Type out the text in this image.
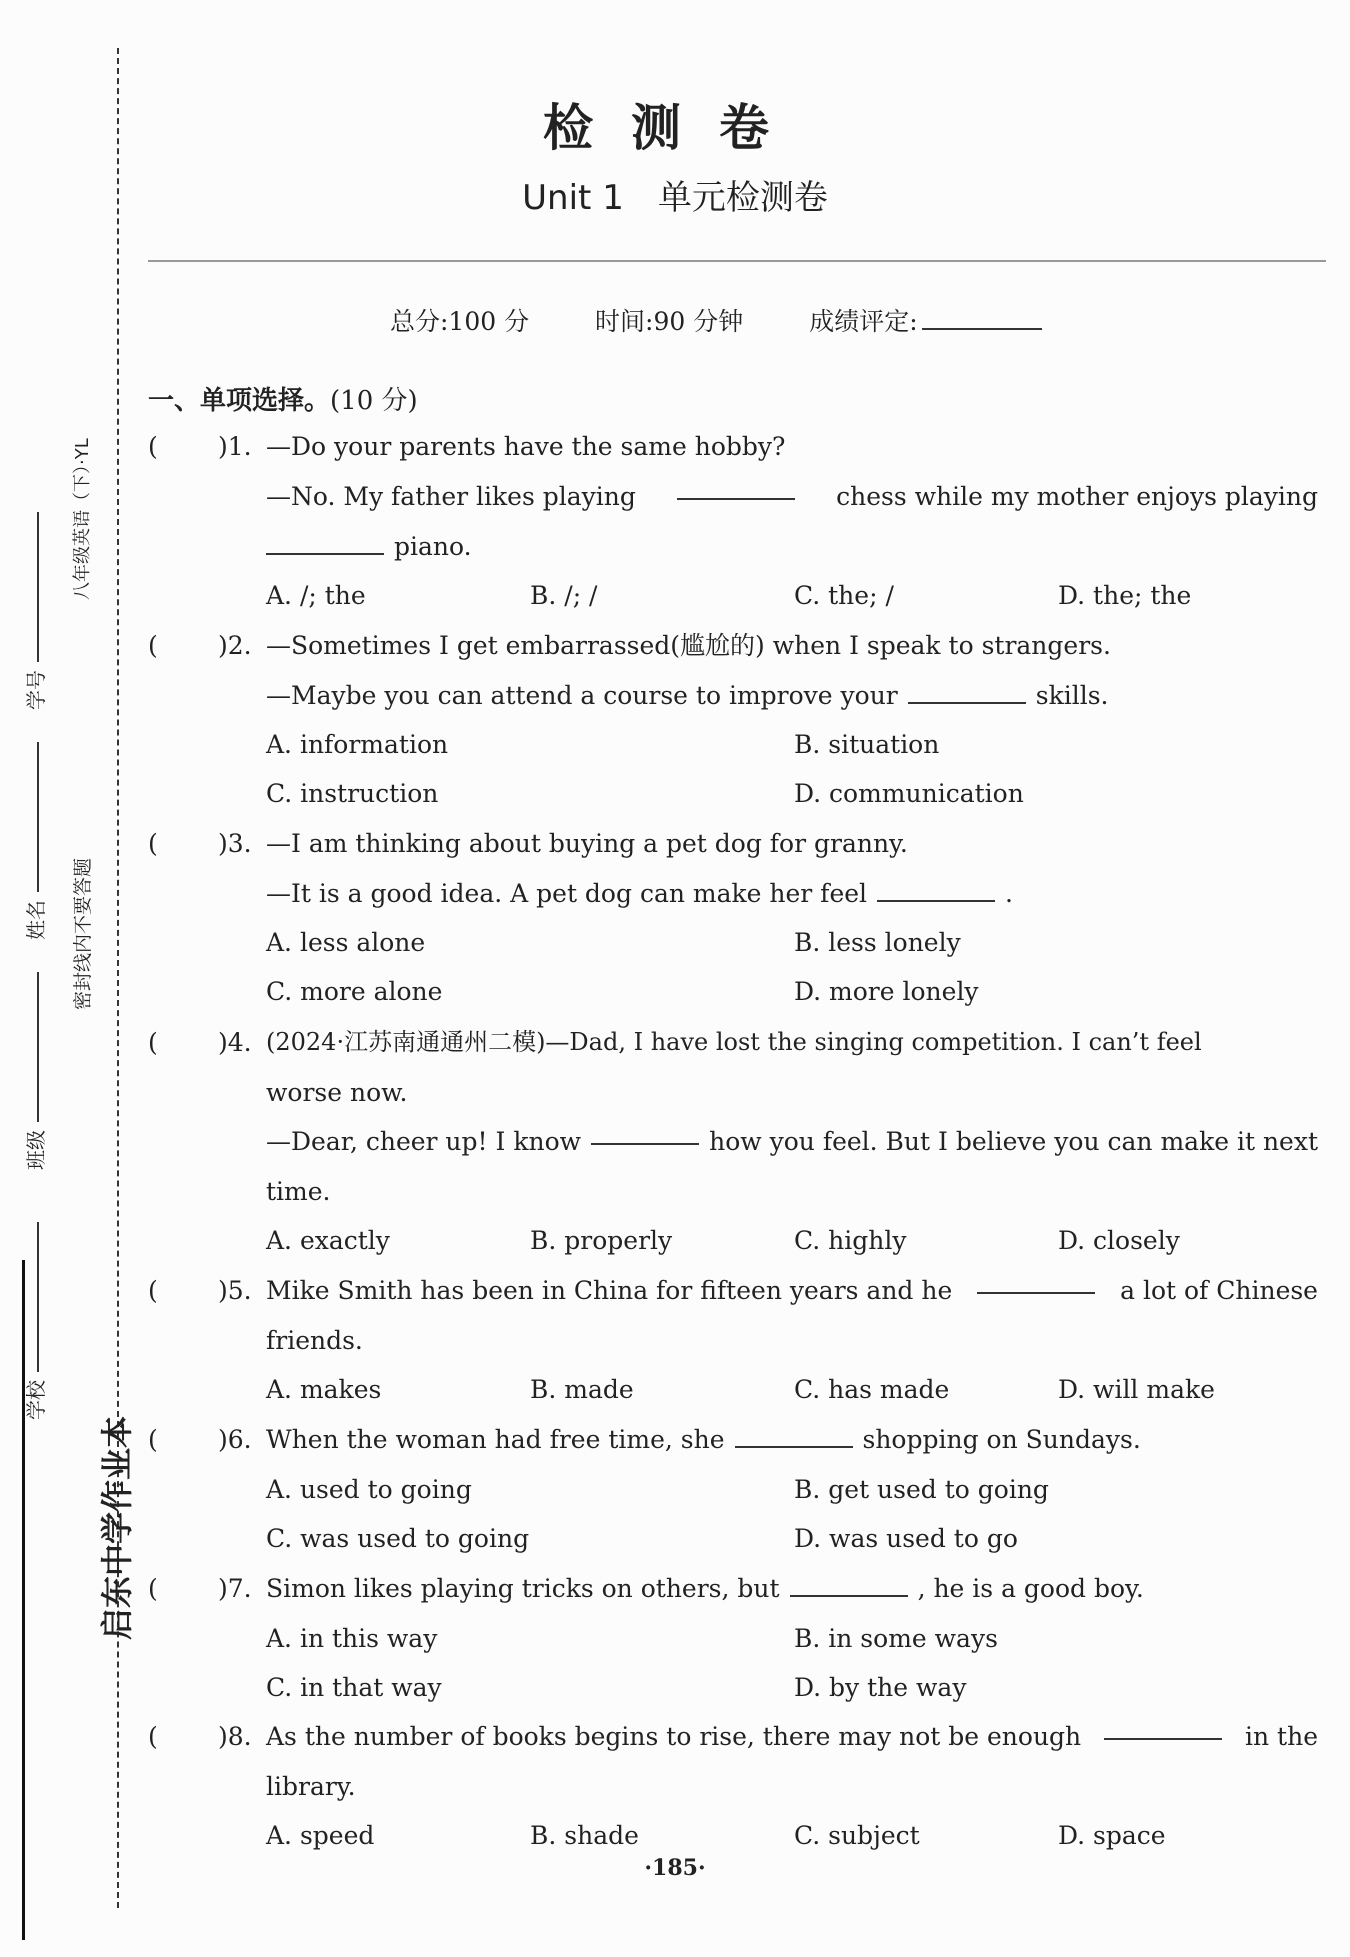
八年级英语（下）·YL
密封线内不要答题
启东中学作业本
学校
班级
姓名
学号
检测卷
Unit 1　单元检测卷
总分:100 分	时间:90 分钟	成绩评定:
一、单项选择。(10 分)
( )1. —Do your parents have the same hobby?
—No. My father likes playing	chess while my mother enjoys playing
piano.
A. /; the	B. /; /	C. the; /	D. the; the
( )2. —Sometimes I get embarrassed(尴尬的) when I speak to strangers.
—Maybe you can attend a course to improve your	skills.
A. information	B. situation
C. instruction	D. communication
( )3. —I am thinking about buying a pet dog for granny.
—It is a good idea. A pet dog can make her feel	.
A. less alone	B. less lonely
C. more alone	D. more lonely
( )4. (2024·江苏南通通州二模)—Dad, I have lost the singing competition. I can’t feel
worse now.
—Dear, cheer up! I know	how you feel. But I believe you can make it next
time.
A. exactly	B. properly	C. highly	D. closely
( )5. Mike Smith has been in China for fifteen years and he	a lot of Chinese
friends.
A. makes	B. made	C. has made	D. will make
( )6. When the woman had free time, she	shopping on Sundays.
A. used to going	B. get used to going
C. was used to going	D. was used to go
( )7. Simon likes playing tricks on others, but	, he is a good boy.
A. in this way	B. in some ways
C. in that way	D. by the way
( )8. As the number of books begins to rise, there may not be enough	in the
library.
A. speed	B. shade	C. subject	D. space
·185·
